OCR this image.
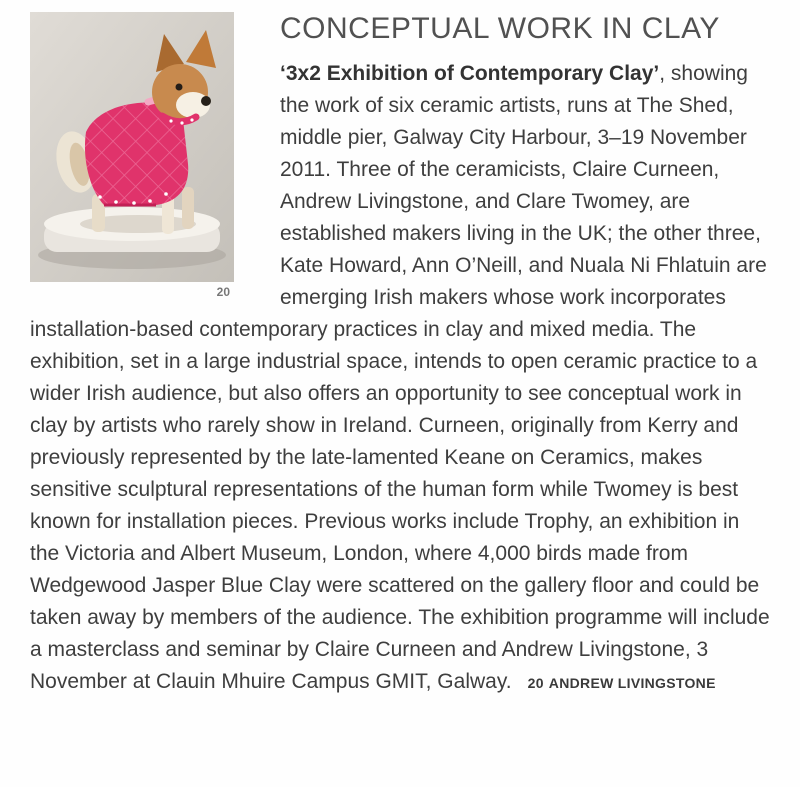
20
CONCEPTUAL WORK IN CLAY

‘3x2 Exhibition of Contemporary Clay’, showing the work of six ceramic artists, runs at The Shed, middle pier, Galway City Harbour, 3–19 November 2011. Three of the ceramicists, Claire Curneen, Andrew Livingstone, and Clare Twomey, are established makers living in the UK; the other three, Kate Howard, Ann O’Neill, and Nuala Ni Fhlatuin are emerging Irish makers whose work incorporates installation-based contemporary practices in clay and mixed media. The exhibition, set in a large industrial space, intends to open ceramic practice to a wider Irish audience, but also offers an opportunity to see conceptual work in clay by artists who rarely show in Ireland. Curneen, originally from Kerry and previously represented by the late-lamented Keane on Ceramics, makes sensitive sculptural representations of the human form while Twomey is best known for installation pieces. Previous works include Trophy, an exhibition in the Victoria and Albert Museum, London, where 4,000 birds made from Wedgewood Jasper Blue Clay were scattered on the gallery floor and could be taken away by members of the audience. The exhibition programme will include a masterclass and seminar by Claire Curneen and Andrew Livingstone, 3 November at Clauin Mhuire Campus GMIT, Galway. 20 ANDREW LIVINGSTONE
